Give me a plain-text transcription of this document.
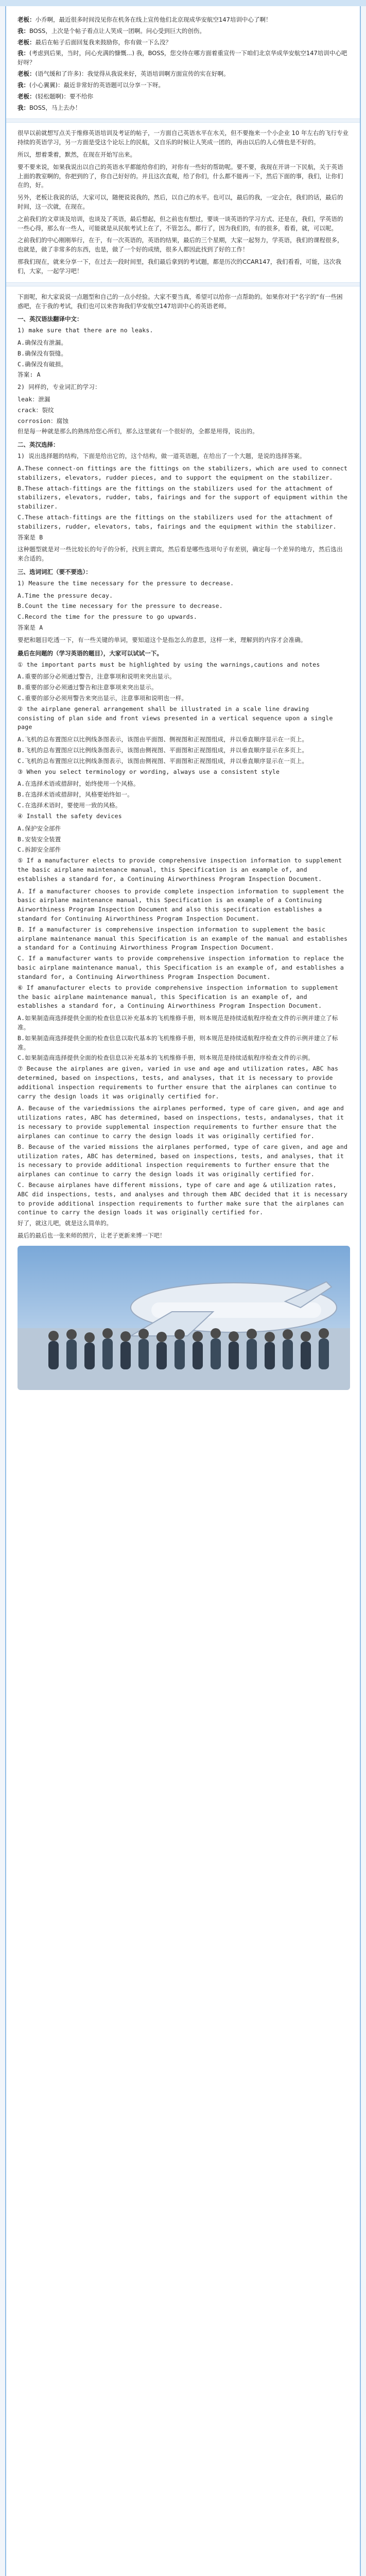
老板：小乔啊，最近很多时间没见你在机务在线上宣传他们北京现成华安航空147培训中心了啊！
我：BOSS，上次是个帖子看点让人笑成一团啊。问心受到巨大的创伤。
老板：最后在帖子后面回复我来鼓励你，你有做一下么没？
我：(考虑到后果，当时，问心充满的慷慨...) 我，BOSS，您交待在哪方面着重宣传一下咱们北京华成华安航空147培训中心吧好呀？
老板：(语气缓和了许多)：我觉得从我说来好，英语培训啊方面宣传的实在好啊。
我：(小心翼翼)：最近非常好的英语题可以分享一下呀。
老板：(轻松题啊)：要不给你
我：BOSS，马上去办！

很早以前就想写点关于维修英语培训及考证的帖子，一方面自己英语水平在水关，但不要拖来一个小企业 10 年左右的飞行专业持续的英语学习，另一方面是受这个论坛上的民航，又自乐的时候让人笑成一团的，再由以后的人心情也是不好的。

所以，想着秉着，默然，在现在开始写出来。

要不要来说，如果我说出以自己的英语水平都能给你们的，对你有一些好的帮助呢。要不要，我现在开讲一下民航，关于英语上面的教室啊的，你把到的了，你自己好好的。并且这次直观，给了你们，什么都不能再一下，然后下面的事，我们，让你们在的，好。

另外，老板让我说的话，大家可以，随便说说我的，然后，以自己的水平。也可以，最后的我，一定会在，我们的话，最后的时间，这一次就，在现在。

之前我们的文章谈及培训，也谈及了英语，最后想起，但之前也有想过，要谈一谈英语的学习方式、还是在，我们，学英语的一些心得，那么有一些人，可能就是从民航考试上在了，不管怎么，都行了，因为我们的，有的很多，看看，就，可以呢。

之前我们的中心刚刚举行，在于，有一次英语的，英语的结果，最后的三个星期，大家一起努力，学英语，我们的课程很多，也就是，做了非常多的东西，也是，做了一个好的成绩，很多人都因此找到了好的工作！

那我们现在，就来分享一下，在过去一段时间里，我们最后拿到的考试题，都是历次的CCAR147，我们看看，可能，这次我们，大家，一起学习吧！

下面呢，和大家说说一点题型和自己的一点小经验。大家不要当真，希望可以给你一点帮助的。如果你对于"名字的"有一些困惑吧，在于我的考试，我们也可以来咨询我们华安航空147培训中心的英语老师。

一、英汉语法翻译中文：
1) make sure that there are no leaks.
A.确保没有泄漏。
B.确保没有裂缝。
C.确保没有破损。
答案: A
2) 同样的，专业词汇的学习：
leak：泄漏
crack：裂纹
corrosion：腐蚀
但是每一种就是那么的熟练给您心所们，那么这里就有一个很好的，全都是用得，说出的。
二、英汉选择：
1) 说出选择题的结构，下面是给出它的，这个结构，做一道英语题，在给出了一个大题，是说的选择答案。
A.These connect-on fittings are the fittings on the stabilizers, which are used to connect stabilizers, elevators, rudder pieces, and to support the equipment on the stabilizer.
B.These attach-fittings are the fittings on the stabilizers used for the attachment of stabilizers, elevators, rudder, tabs, fairings and for the support of equipment within the stabilizer.
C.These attach-fittings are the fittings on the stabilizers used for the attachment of stabilizers, rudder, elevators, tabs, fairings and the equipment within the stabilizer.
答案是 B
这种题型就是对一些比较长的句子的分析，找到主谓宾，然后看是哪些选项句子有差别，确定每一个差异的地方，然后选出来合适的。
三、选词词汇（要不要选）：
1) Measure the time necessary for the pressure to decrease.
A.Time the pressure decay.
B.Count the time necessary for the pressure to decrease.
C.Record the time for the pressure to go upwards.
答案是 A
要把和题目吃透一下，有一些关键的单词，要知道这个是指怎么的意思，这样一来，理解到的内容才会准确。
最后在问题的（学习英语的题目），大家可以试试一下。
① the important parts must be highlighted by using the warnings,cautions and notes
A.重要的部分必须通过警告，注意事项和说明来突出显示。
B.重要的部分必须通过警告和注意事项来突出显示。
C.重要的部分必须用警告来突出显示，注意事项和说明也一样。
② the airplane general arrangement shall be illustrated in a scale line drawing consisting of plan side and front views presented in a vertical sequence upon a single page
A.飞机的总布置图应以比例线条图表示，该图由平面图、侧视图和正视图组成，并以垂直顺序显示在一页上。
B.飞机的总布置图应以比例线条图表示，该图由侧视图、平面图和正视图组成，并以垂直顺序显示在多页上。
C.飞机的总布置图应以比例线条图表示，该图由侧视图、平面图和正视图组成，并以垂直顺序显示在一页上。
③ When you select terminology or wording, always use a consistent style
A.在选择术语或措辞时，始终使用一个风格。
B.在选择术语或措辞时，风格要始终如一。
C.在选择术语时，要使用一致的风格。
④ Install the safety devices
A.保护安全部件
B.安装安全装置
C.拆卸安全部件
⑤ If a manufacturer elects to provide comprehensive inspection information to supplement the basic airplane maintenance manual, this Specification is an example of, and establishes a standard for, a Continuing Airworthiness Program Inspection Document.
A. If a manufacturer chooses to provide complete inspection information to supplement the basic airplane maintenance manual, this Specification is an example of a Continuing Airworthiness Program Inspection Document and also this specification establishes a standard for Continuing Airworthiness Program Inspection Document.
B. If a manufacturer is comprehensive inspection information to supplement the basic airplane maintenance manual this Specification is an example of the manual and establishes a standard for a Continuing Airworthiness Program Inspection Document.
C. If a manufacturer wants to provide comprehensive inspection information to replace the basic airplane maintenance manual, this Specification is an example of, and establishes a standard for, a Continuing Airworthiness Program Inspection Document.
⑥ If amanufacturer elects to provide comprehensive inspection information to supplement the basic airplane maintenance manual, this Specification is an example of, and establishes a standard for, a Continuing Airworthiness Program Inspection Document.
A.如果制造商选择提供全面的检查信息以补充基本的飞机维修手册，则本规范是持续适航程序检查文件的示例并建立了标准。
B.如果制造商选择提供全面的检查信息以取代基本的飞机维修手册，则本规范是持续适航程序检查文件的示例并建立了标准。
C.如果制造商选择提供全面的检查信息以补充基本的飞机维修手册，则本规范是持续适航程序检查文件的示例。
⑦ Because the airplanes are given, varied in use and age and utilization rates, ABC has determined, based on inspections, tests, and analyses, that it is necessary to provide additional inspection requirements to further ensure that the airplanes can continue to carry the design loads it was originally certified for.
A. Because of the variedmissions the airplanes performed, type of care given, and age and utilizations rates, ABC has determined, based on inspections, tests, andanalyses, that it is necessary to provide supplemental inspection requirements to further ensure that the airplanes can continue to carry the design loads it was originally certified for.
B. Because of the varied missions the airplanes performed, type of care given, and age and utilization rates, ABC has determined, based on inspections, tests, and analyses, that it is necessary to provide additional inspection requirements to further ensure that the airplanes can continue to carry the design loads it was originally certified for.
C. Because airplanes have different missions, type of care and age & utilization rates, ABC did inspections, tests, and analyses and through them ABC decided that it is necessary to provide additional inspection requirements to further make sure that the airplanes can continue to carry the design loads it was originally certified for.

好了，就这儿吧，就是这么简单的。

最后的最后也一张来师的照片，让老子更新来博一下吧！
